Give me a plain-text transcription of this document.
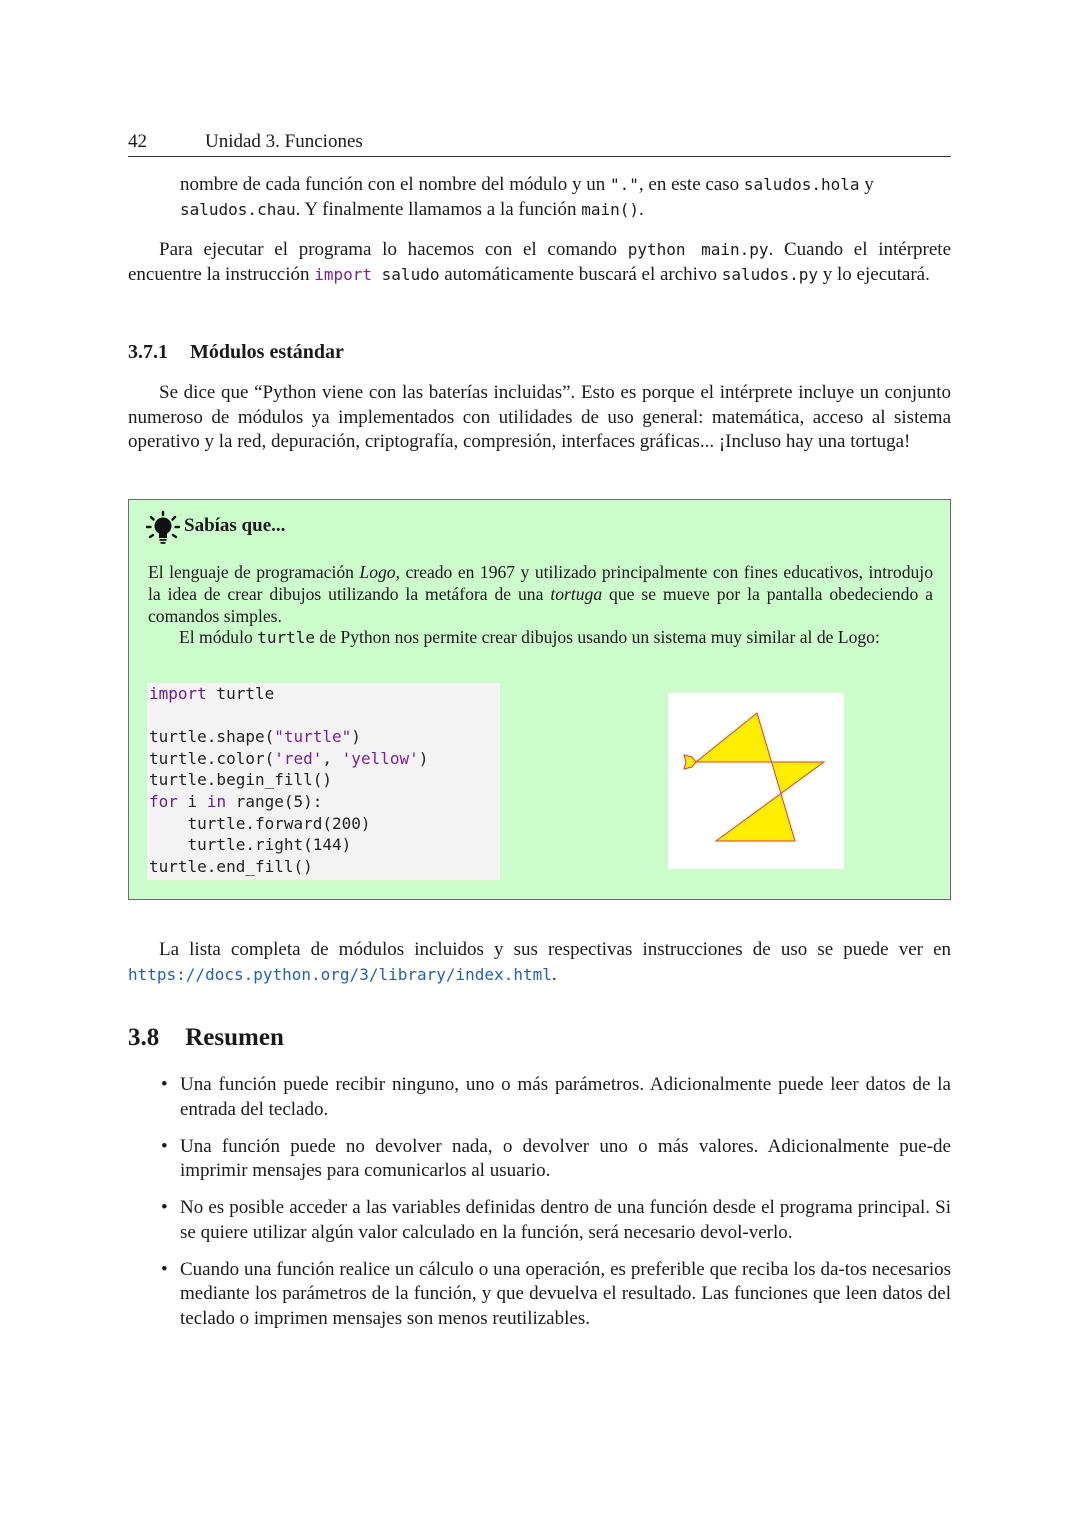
42	Unidad 3. Funciones

nombre de cada función con el nombre del módulo y un ".", en este caso saludos.hola y
saludos.chau. Y finalmente llamamos a la función main().

Para ejecutar el programa lo hacemos con el comando python main.py. Cuando el intérprete encuentre la instrucción import saludo automáticamente buscará el archivo saludos.py y lo ejecutará.

3.7.1 Módulos estándar

Se dice que “Python viene con las baterías incluidas”. Esto es porque el intérprete incluye un conjunto numeroso de módulos ya implementados con utilidades de uso general: matemática, acceso al sistema operativo y la red, depuración, criptografía, compresión, interfaces gráficas... ¡Incluso hay una tortuga!

Sabías que...

El lenguaje de programación Logo, creado en 1967 y utilizado principalmente con fines educativos, introdujo la idea de crear dibujos utilizando la metáfora de una tortuga que se mueve por la pantalla obedeciendo a comandos simples.

El módulo turtle de Python nos permite crear dibujos usando un sistema muy similar al de Logo:

import turtle

turtle.shape("turtle")
turtle.color('red', 'yellow')
turtle.begin_fill()
for i in range(5):
turtle.forward(200)
turtle.right(144)
turtle.end_fill()

La lista completa de módulos incluidos y sus respectivas instrucciones de uso se puede ver en https://docs.python.org/3/library/index.html.

3.8 Resumen
• Una función puede recibir ninguno, uno o más parámetros. Adicionalmente puede leer datos de la entrada del teclado.
• Una función puede no devolver nada, o devolver uno o más valores. Adicionalmente pue-de imprimir mensajes para comunicarlos al usuario.
• No es posible acceder a las variables definidas dentro de una función desde el programa principal. Si se quiere utilizar algún valor calculado en la función, será necesario devol-verlo.
• Cuando una función realice un cálculo o una operación, es preferible que reciba los da-tos necesarios mediante los parámetros de la función, y que devuelva el resultado. Las funciones que leen datos del teclado o imprimen mensajes son menos reutilizables.
